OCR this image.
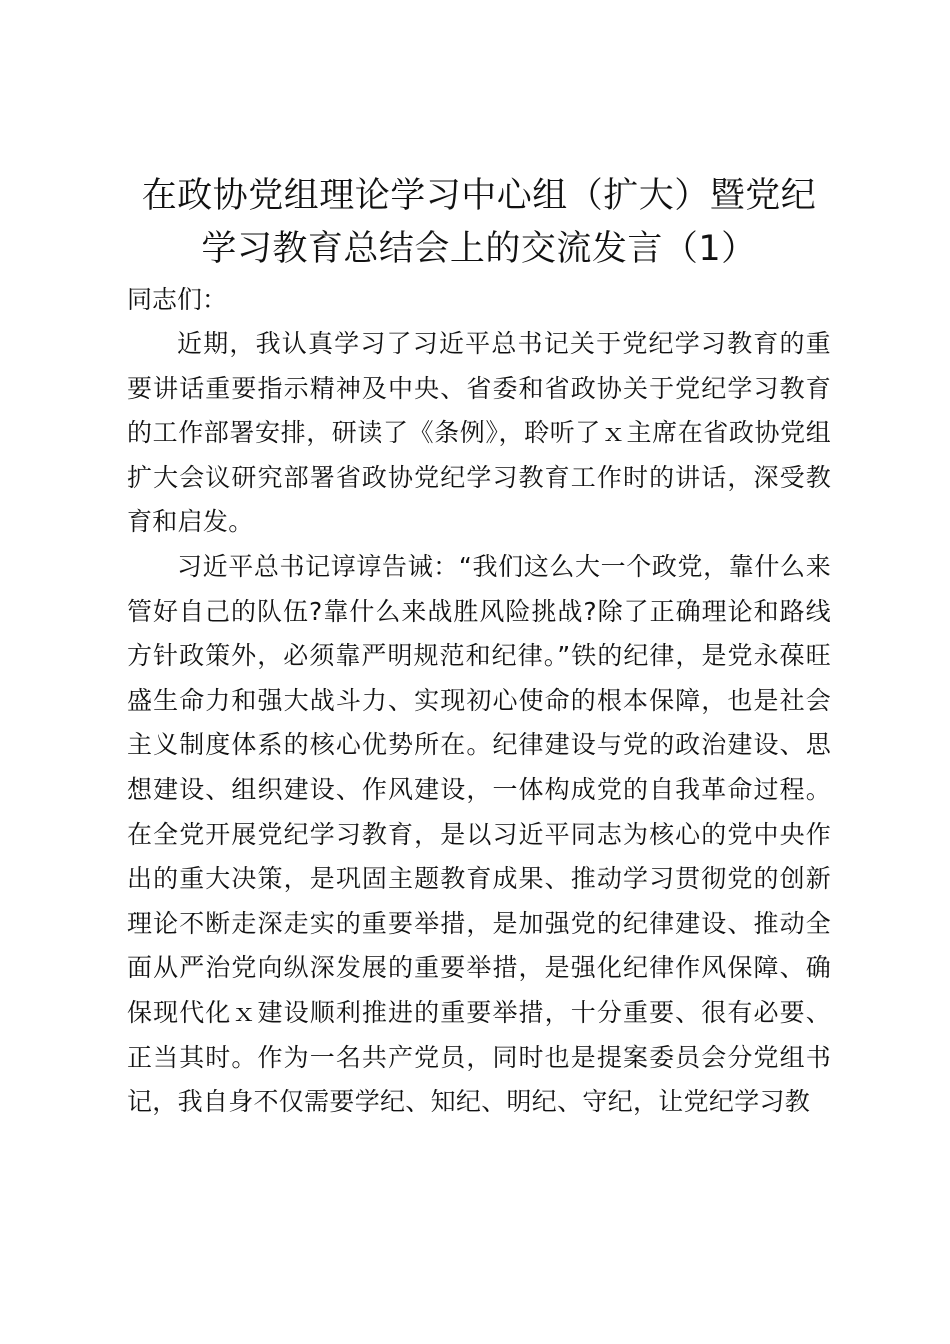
在政协党组理论学习中心组（扩大）暨党纪学习教育总结会上的交流发言（1）

同志们：

近期，我认真学习了习近平总书记关于党纪学习教育的重要讲话重要指示精神及中央、省委和省政协关于党纪学习教育的工作部署安排，研读了《条例》，聆听了ｘ主席在省政协党组扩大会议研究部署省政协党纪学习教育工作时的讲话，深受教育和启发。

习近平总书记谆谆告诫：“我们这么大一个政党，靠什么来管好自己的队伍?靠什么来战胜风险挑战?除了正确理论和路线方针政策外，必须靠严明规范和纪律。”铁的纪律，是党永葆旺盛生命力和强大战斗力、实现初心使命的根本保障，也是社会主义制度体系的核心优势所在。纪律建设与党的政治建设、思想建设、组织建设、作风建设，一体构成党的自我革命过程。在全党开展党纪学习教育，是以习近平同志为核心的党中央作出的重大决策，是巩固主题教育成果、推动学习贯彻党的创新理论不断走深走实的重要举措，是加强党的纪律建设、推动全面从严治党向纵深发展的重要举措，是强化纪律作风保障、确保现代化ｘ建设顺利推进的重要举措，十分重要、很有必要、正当其时。作为一名共产党员，同时也是提案委员会分党组书记，我自身不仅需要学纪、知纪、明纪、守纪，让党纪学习教
